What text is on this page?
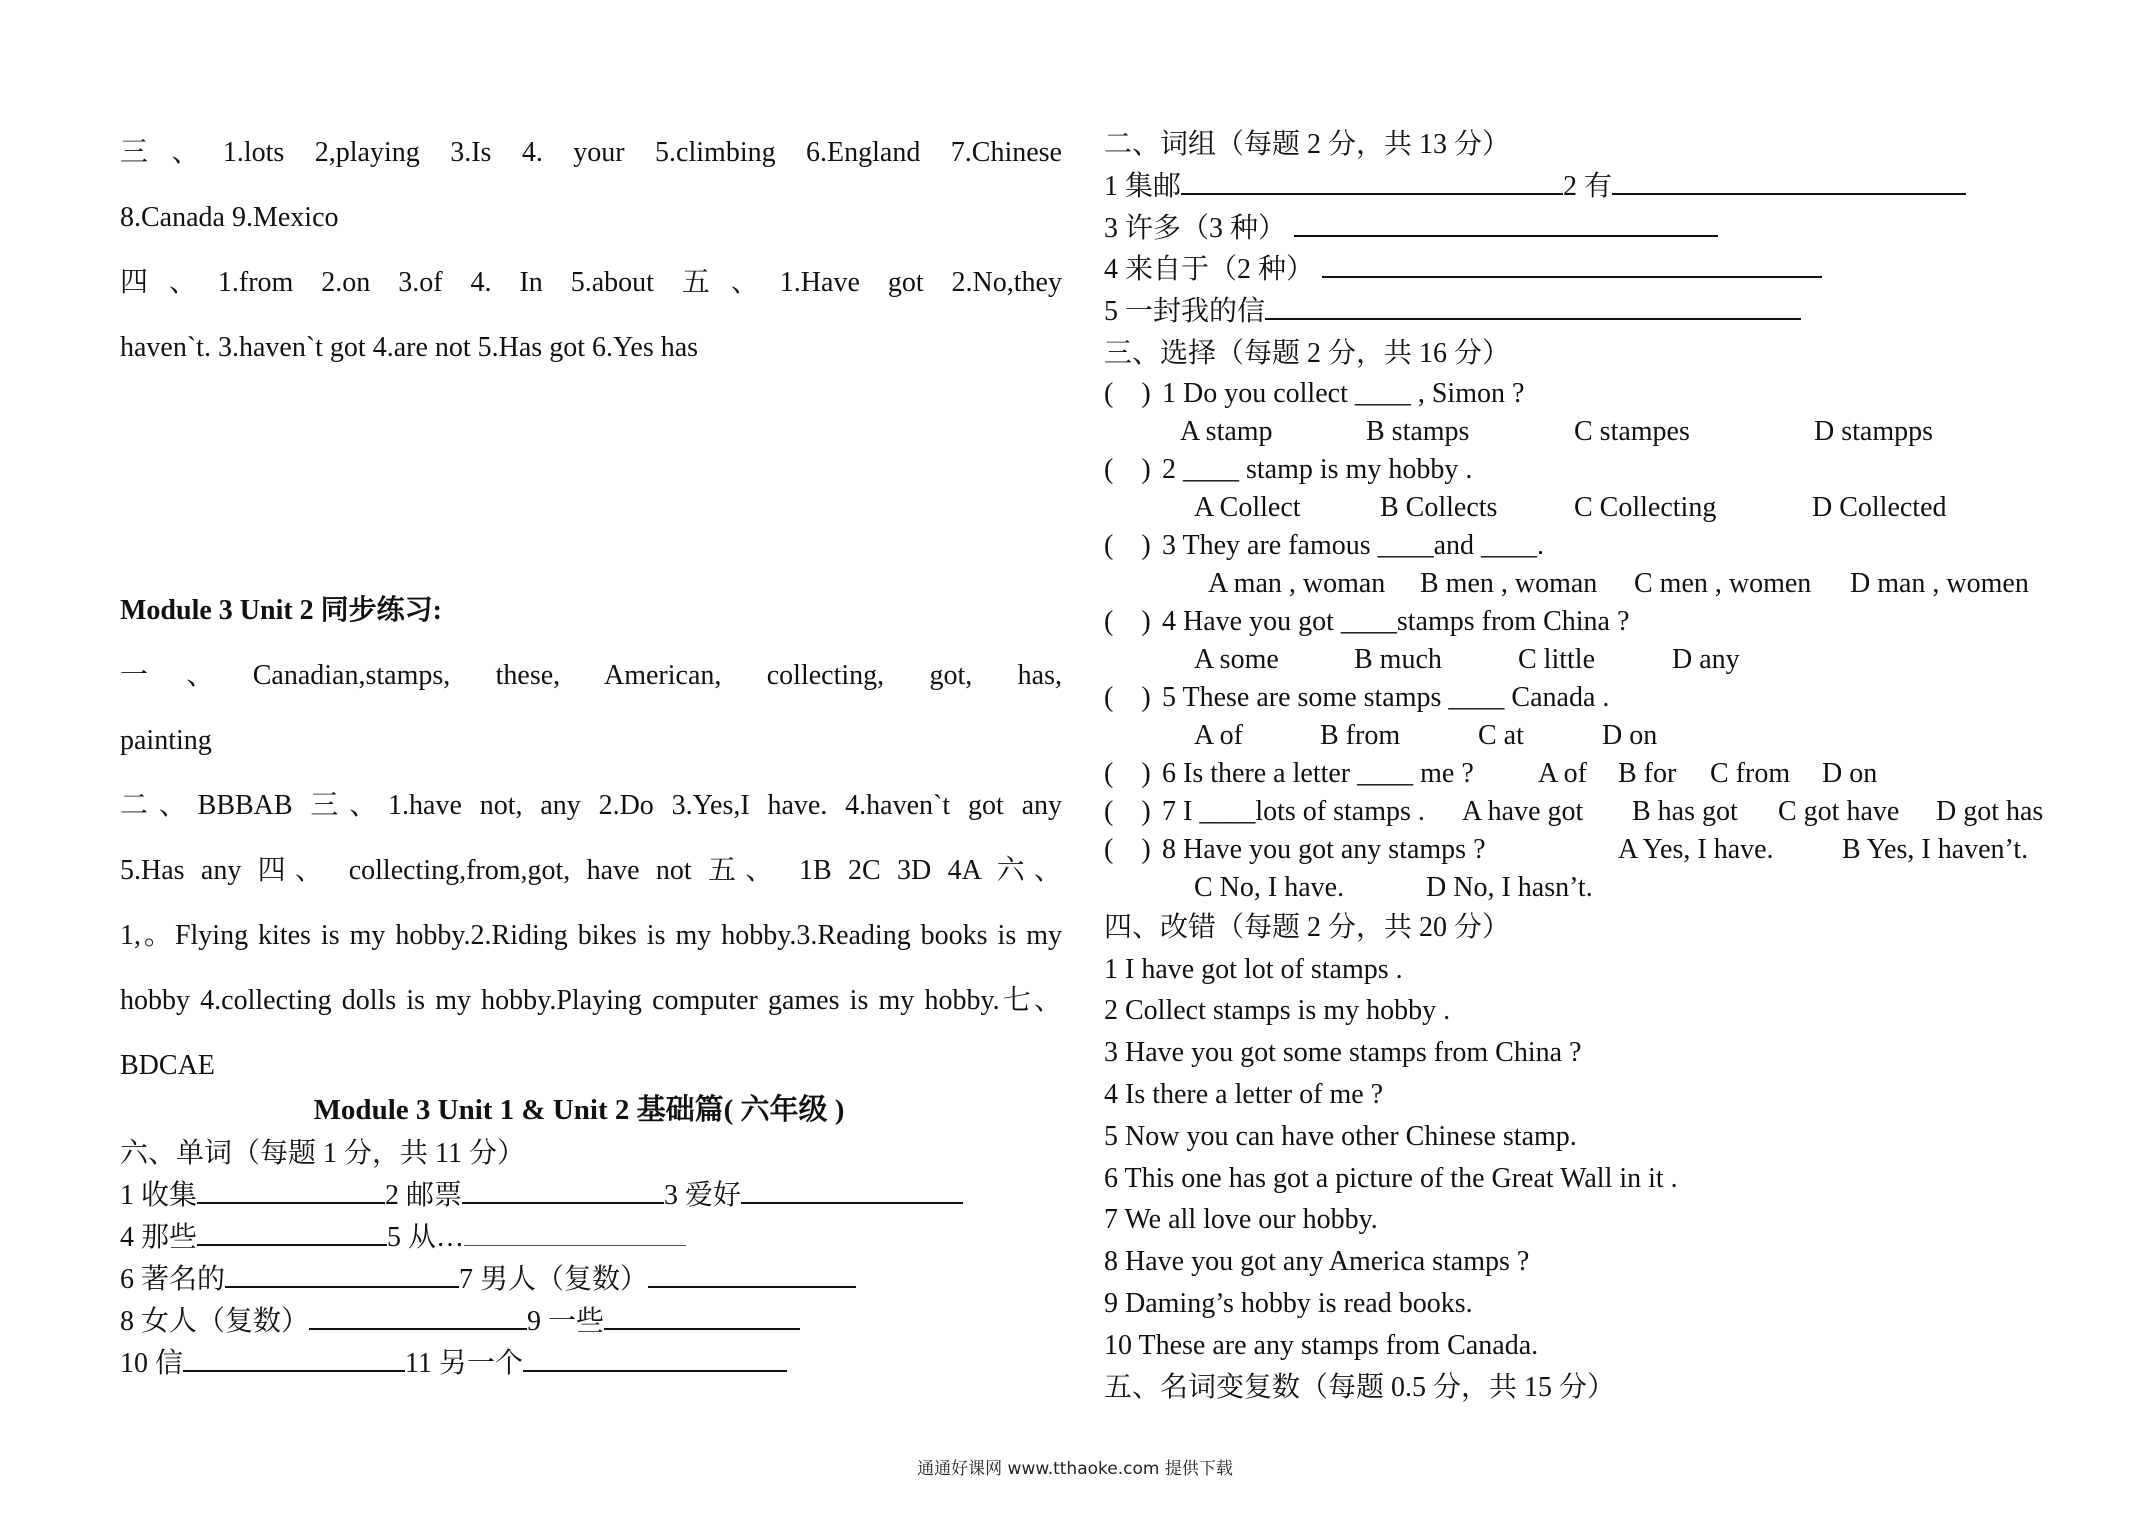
三、1.lots 2,playing 3.Is 4. your 5.climbing 6.England 7.Chinese
8.Canada 9.Mexico
四、1.from 2.on 3.of 4. In 5.about 五、1.Have got 2.No,they
haven`t. 3.haven`t got 4.are not 5.Has got 6.Yes has
Module 3 Unit 2 同步练习:
一、Canadian,stamps, these, American, collecting, got, has,
painting
二、BBBAB 三、1.have not, any 2.Do 3.Yes,I have. 4.haven`t got any
5.Has any 四、 collecting,from,got, have not 五、 1B 2C 3D 4A 六、
1,。Flying kites is my hobby.2.Riding bikes is my hobby.3.Reading books is my
hobby 4.collecting dolls is my hobby.Playing computer games is my hobby.七、
BDCAE
Module 3 Unit 1 & Unit 2 基础篇( 六年级 )
六、单词（每题 1 分，共 11 分）
1 收集	2 邮票	3 爱好
4 那些	5 从…
6 著名的	7 男人（复数）
8 女人（复数）	9 一些
10 信	11 另一个
二、词组（每题 2 分，共 13 分）
1 集邮	2 有
3 许多（3 种）
4 来自于（2 种）
5 一封我的信
三、选择（每题 2 分，共 16 分）
( ) 1 Do you collect ____ , Simon ?
A stamp	B stamps	C stampes	D stampps
( ) 2 ____ stamp is my hobby .
A Collect	B Collects	C Collecting	D Collected
( ) 3 They are famous ____and ____.
A man , woman B men , woman C men , women D man , women
( ) 4 Have you got ____stamps from China ?
A some	B much	C little	D any
( ) 5 These are some stamps ____ Canada .
A of	B from	C at	D on
( ) 6 Is there a letter ____ me ? A of B for C from D on
( ) 7 I ____lots of stamps . A have got B has got C got have D got has
( ) 8 Have you got any stamps ?	A Yes, I have. B Yes, I haven’t.
C No, I have.	D No, I hasn’t.
四、改错（每题 2 分，共 20 分）
1 I have got lot of stamps .
2 Collect stamps is my hobby .
3 Have you got some stamps from China ?
4 Is there a letter of me ?
5 Now you can have other Chinese stamp.
6 This one has got a picture of the Great Wall in it .
7 We all love our hobby.
8 Have you got any America stamps ?
9 Daming’s hobby is read books.
10 These are any stamps from Canada.
五、名词变复数（每题 0.5 分，共 15 分）
通通好课网 www.tthaoke.com 提供下载
